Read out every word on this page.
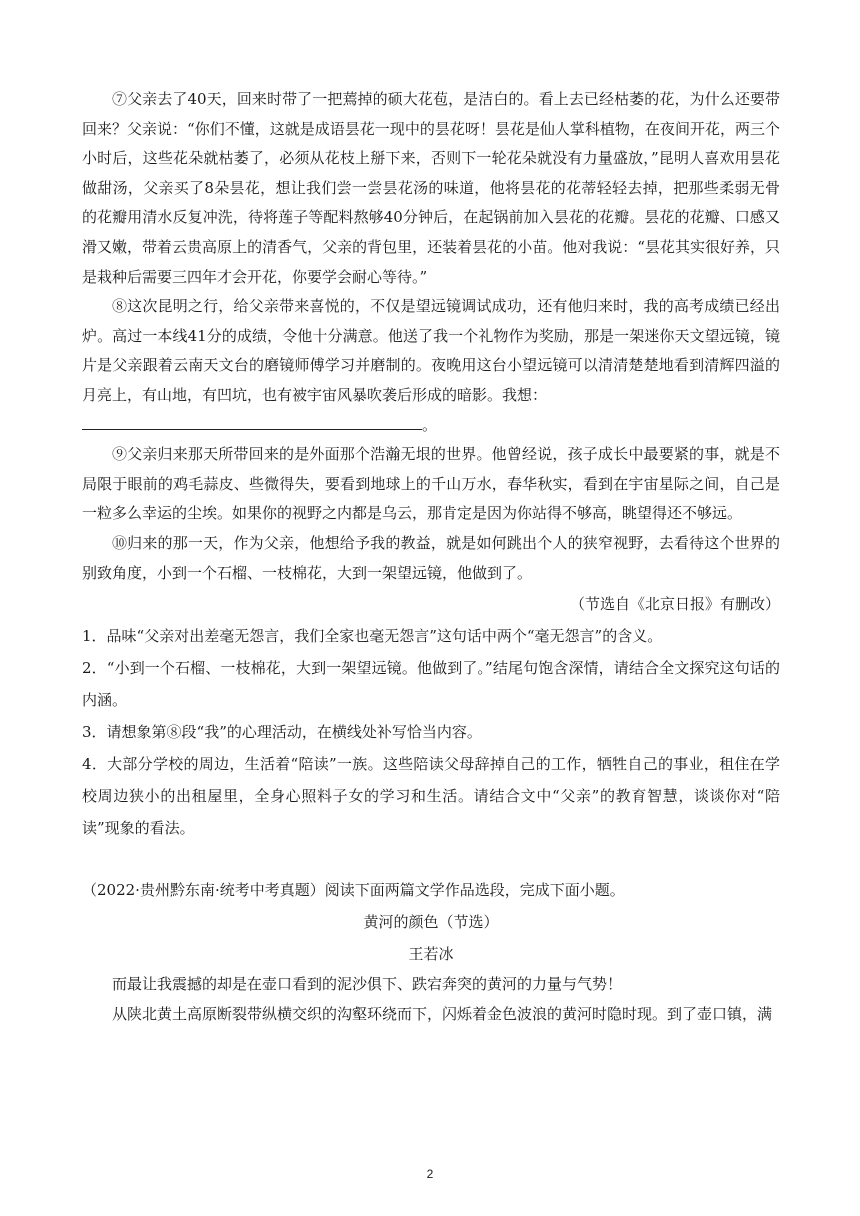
⑦父亲去了40天，回来时带了一把蔫掉的硕大花苞，是洁白的。看上去已经枯萎的花，为什么还要带回来？父亲说：“你们不懂，这就是成语昙花一现中的昙花呀！昙花是仙人掌科植物，在夜间开花，两三个小时后，这些花朵就枯萎了，必须从花枝上掰下来，否则下一轮花朵就没有力量盛放，”昆明人喜欢用昙花做甜汤，父亲买了8朵昙花，想让我们尝一尝昙花汤的味道，他将昙花的花蒂轻轻去掉，把那些柔弱无骨的花瓣用清水反复冲洗，待将莲子等配料熬够40分钟后，在起锅前加入昙花的花瓣。昙花的花瓣、口感又滑又嫩，带着云贵高原上的清香气，父亲的背包里，还装着昙花的小苗。他对我说：“昙花其实很好养，只是栽种后需要三四年才会开花，你要学会耐心等待。”

⑧这次昆明之行，给父亲带来喜悦的，不仅是望远镜调试成功，还有他归来时，我的高考成绩已经出炉。高过一本线41分的成绩，令他十分满意。他送了我一个礼物作为奖励，那是一架迷你天文望远镜，镜片是父亲跟着云南天文台的磨镜师傅学习并磨制的。夜晚用这台小望远镜可以清清楚楚地看到清辉四溢的月亮上，有山地，有凹坑，也有被宇宙风暴吹袭后形成的暗影。我想：

。

⑨父亲归来那天所带回来的是外面那个浩瀚无垠的世界。他曾经说，孩子成长中最要紧的事，就是不局限于眼前的鸡毛蒜皮、些微得失，要看到地球上的千山万水，春华秋实，看到在宇宙星际之间，自己是一粒多么幸运的尘埃。如果你的视野之内都是乌云，那肯定是因为你站得不够高，眺望得还不够远。

⑩归来的那一天，作为父亲，他想给予我的教益，就是如何跳出个人的狭窄视野，去看待这个世界的别致角度，小到一个石榴、一枝棉花，大到一架望远镜，他做到了。

（节选自《北京日报》有删改）

1．品味“父亲对出差毫无怨言，我们全家也毫无怨言”这句话中两个“毫无怨言”的含义。

2．“小到一个石榴、一枝棉花，大到一架望远镜。他做到了。”结尾句饱含深情，请结合全文探究这句话的内涵。

3．请想象第⑧段“我”的心理活动，在横线处补写恰当内容。

4．大部分学校的周边，生活着“陪读”一族。这些陪读父母辞掉自己的工作，牺牲自己的事业，租住在学校周边狭小的出租屋里，全身心照料子女的学习和生活。请结合文中“父亲”的教育智慧，谈谈你对“陪读”现象的看法。

（2022·贵州黔东南·统考中考真题）阅读下面两篇文学作品选段，完成下面小题。

黄河的颜色（节选）

王若冰

而最让我震撼的却是在壶口看到的泥沙俱下、跌宕奔突的黄河的力量与气势！

从陕北黄土高原断裂带纵横交织的沟壑环绕而下，闪烁着金色波浪的黄河时隐时现。到了壶口镇，满

2
